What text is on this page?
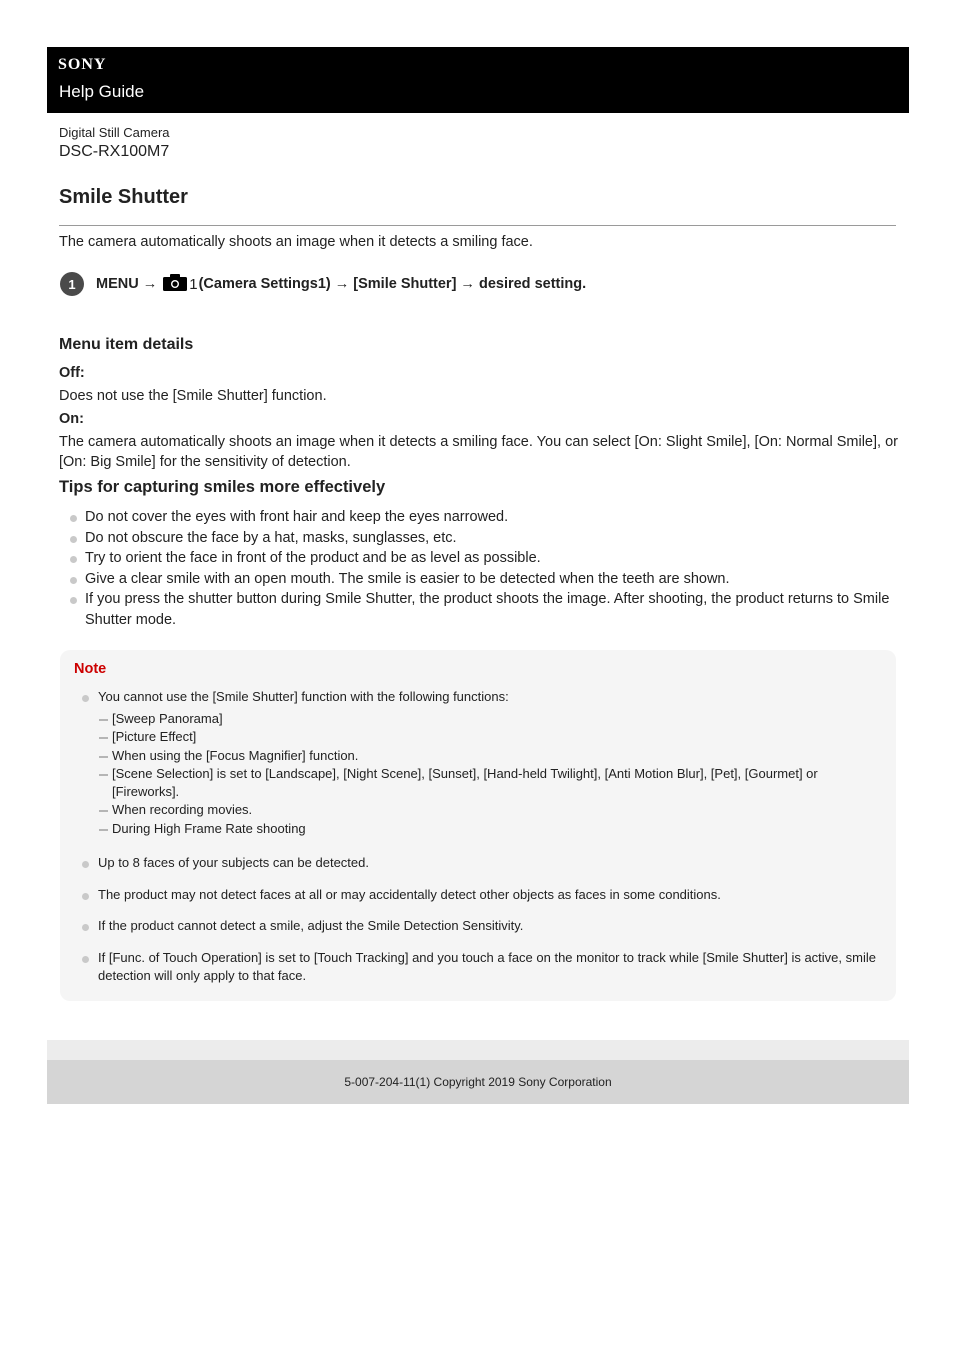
SONY
Help Guide
Digital Still Camera
DSC-RX100M7
Smile Shutter
The camera automatically shoots an image when it detects a smiling face.
1	MENU → 1 (Camera Settings1) → [Smile Shutter] → desired setting.
Menu item details
Off:
Does not use the [Smile Shutter] function.
On:
The camera automatically shoots an image when it detects a smiling face. You can select [On: Slight Smile], [On: Normal Smile], or [On: Big Smile] for the sensitivity of detection.
Tips for capturing smiles more effectively
Do not cover the eyes with front hair and keep the eyes narrowed.
Do not obscure the face by a hat, masks, sunglasses, etc.
Try to orient the face in front of the product and be as level as possible.
Give a clear smile with an open mouth. The smile is easier to be detected when the teeth are shown.
If you press the shutter button during Smile Shutter, the product shoots the image. After shooting, the product returns to Smile Shutter mode.
Note
You cannot use the [Smile Shutter] function with the following functions:
[Sweep Panorama]
[Picture Effect]
When using the [Focus Magnifier] function.
[Scene Selection] is set to [Landscape], [Night Scene], [Sunset], [Hand-held Twilight], [Anti Motion Blur], [Pet], [Gourmet] or [Fireworks].
When recording movies.
During High Frame Rate shooting
Up to 8 faces of your subjects can be detected.
The product may not detect faces at all or may accidentally detect other objects as faces in some conditions.
If the product cannot detect a smile, adjust the Smile Detection Sensitivity.
If [Func. of Touch Operation] is set to [Touch Tracking] and you touch a face on the monitor to track while [Smile Shutter] is active, smile detection will only apply to that face.
5-007-204-11(1) Copyright 2019 Sony Corporation
